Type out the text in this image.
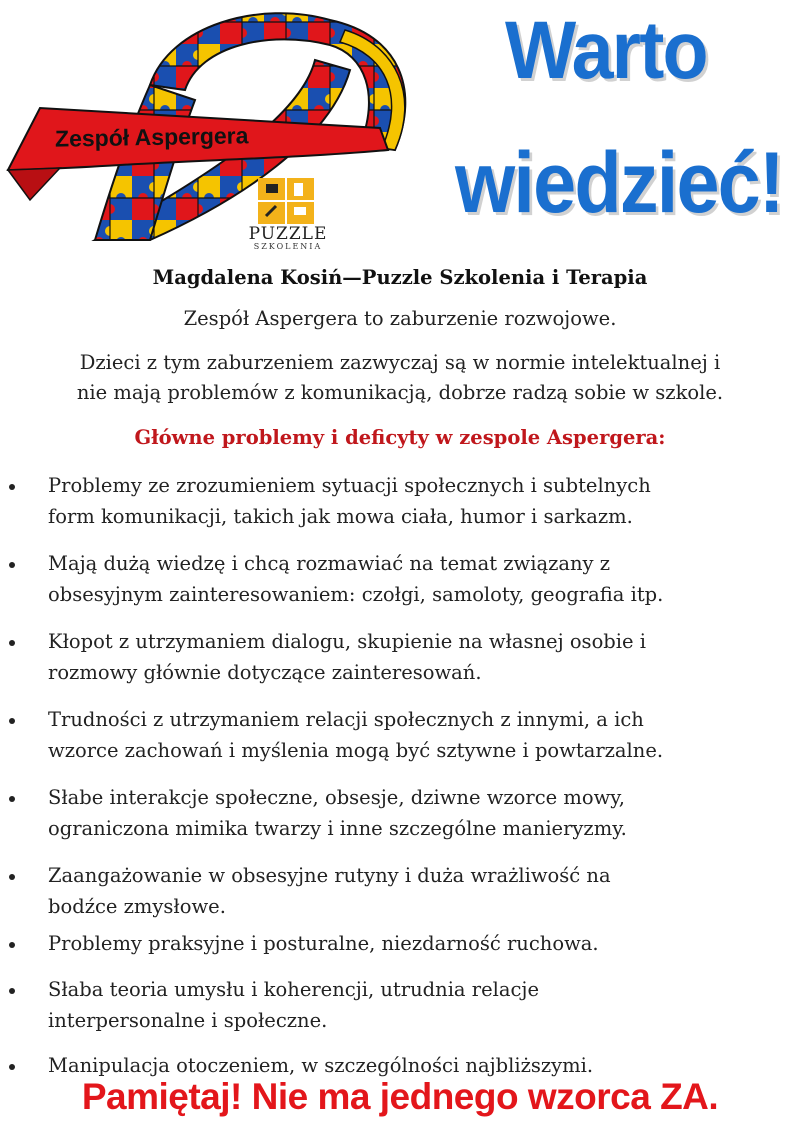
Zespół Aspergera
PUZZLE
SZKOLENIA
Warto
wiedzieć!
Magdalena Kosiń—Puzzle Szkolenia i Terapia
Zespół Aspergera to zaburzenie rozwojowe.
Dzieci z tym zaburzeniem zazwyczaj są w normie intelektualnej i
nie mają problemów z komunikacją, dobrze radzą sobie w szkole.
Główne problemy i deficyty w zespole Aspergera:
Problemy ze zrozumieniem sytuacji społecznych i subtelnych
form komunikacji, takich jak mowa ciała, humor i sarkazm.
Mają dużą wiedzę i chcą rozmawiać na temat związany z
obsesyjnym zainteresowaniem: czołgi, samoloty, geografia itp.
Kłopot z utrzymaniem dialogu, skupienie na własnej osobie i
rozmowy głównie dotyczące zainteresowań.
Trudności z utrzymaniem relacji społecznych z innymi, a ich
wzorce zachowań i myślenia mogą być sztywne i powtarzalne.
Słabe interakcje społeczne, obsesje, dziwne wzorce mowy,
ograniczona mimika twarzy i inne szczególne manieryzmy.
Zaangażowanie w obsesyjne rutyny i duża wrażliwość na
bodźce zmysłowe.
Problemy praksyjne i posturalne, niezdarność ruchowa.
Słaba teoria umysłu i koherencji, utrudnia relacje
interpersonalne i społeczne.
Manipulacja otoczeniem, w szczególności najbliższymi.
Pamiętaj! Nie ma jednego wzorca ZA.
